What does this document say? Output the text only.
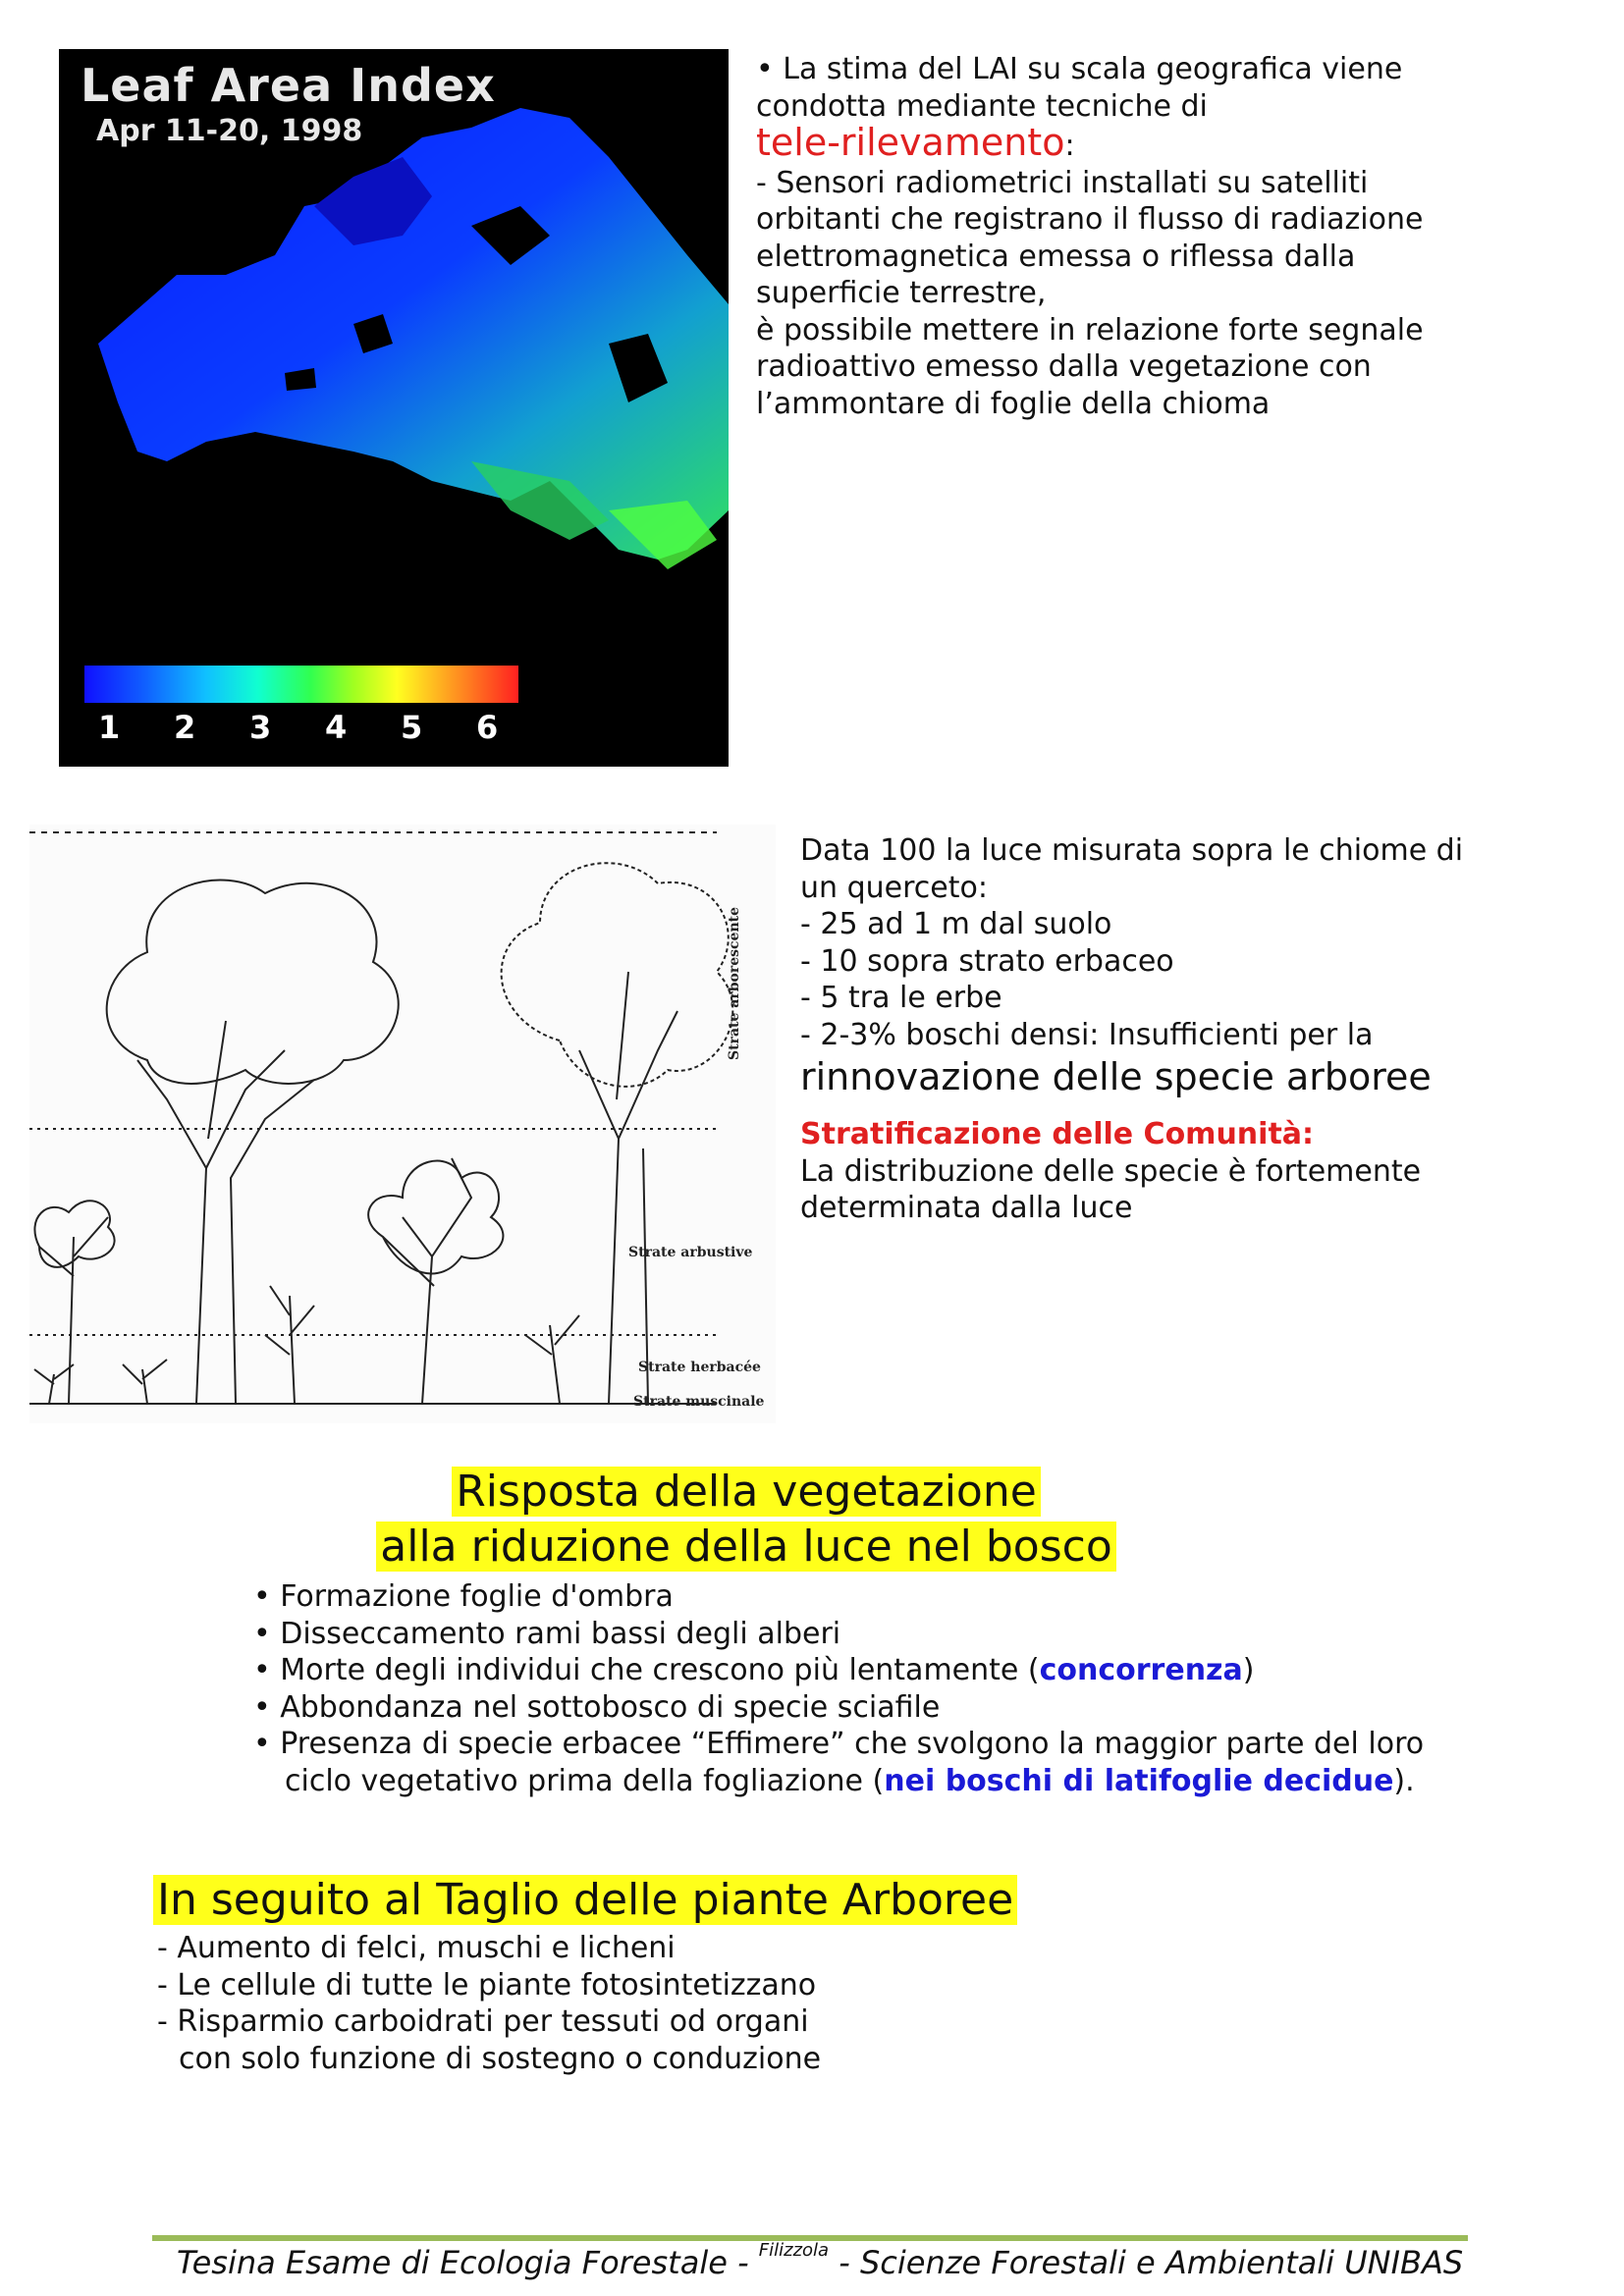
Leaf Area Index
Apr 11-20, 1998
1 2 3 4 5 6

• La stima del LAI su scala geografica viene condotta mediante tecniche di
tele-rilevamento:

- Sensori radiometrici installati su satelliti orbitanti che registrano il flusso di radiazione elettromagnetica emessa o riflessa dalla superficie terrestre,

è possibile mettere in relazione forte segnale radioattivo emesso dalla vegetazione con l’ammontare di foglie della chioma

Strate arborescente
Strate arbustive
Strate herbacée
Strate muscinale

Data 100 la luce misurata sopra le chiome di un querceto:

- 25 ad 1 m dal suolo

- 10 sopra strato erbaceo

- 5 tra le erbe

- 2-3% boschi densi: Insufficienti per la

rinnovazione delle specie arboree

Stratificazione delle Comunità:

La distribuzione delle specie è fortemente determinata dalla luce

Risposta della vegetazione
alla riduzione della luce nel bosco

• Formazione foglie d'ombra

• Disseccamento rami bassi degli alberi

• Morte degli individui che crescono più lentamente (concorrenza)

• Abbondanza nel sottobosco di specie sciafile

• Presenza di specie erbacee “Effimere” che svolgono la maggior parte del loro

ciclo vegetativo prima della fogliazione (nei boschi di latifoglie decidue).

In seguito al Taglio delle piante Arboree

- Aumento di felci, muschi e licheni

- Le cellule di tutte le piante fotosintetizzano

- Risparmio carboidrati per tessuti od organi

con solo funzione di sostegno o conduzione

Tesina Esame di Ecologia Forestale - $^{Filizzola}$ - Scienze Forestali e Ambientali UNIBAS
